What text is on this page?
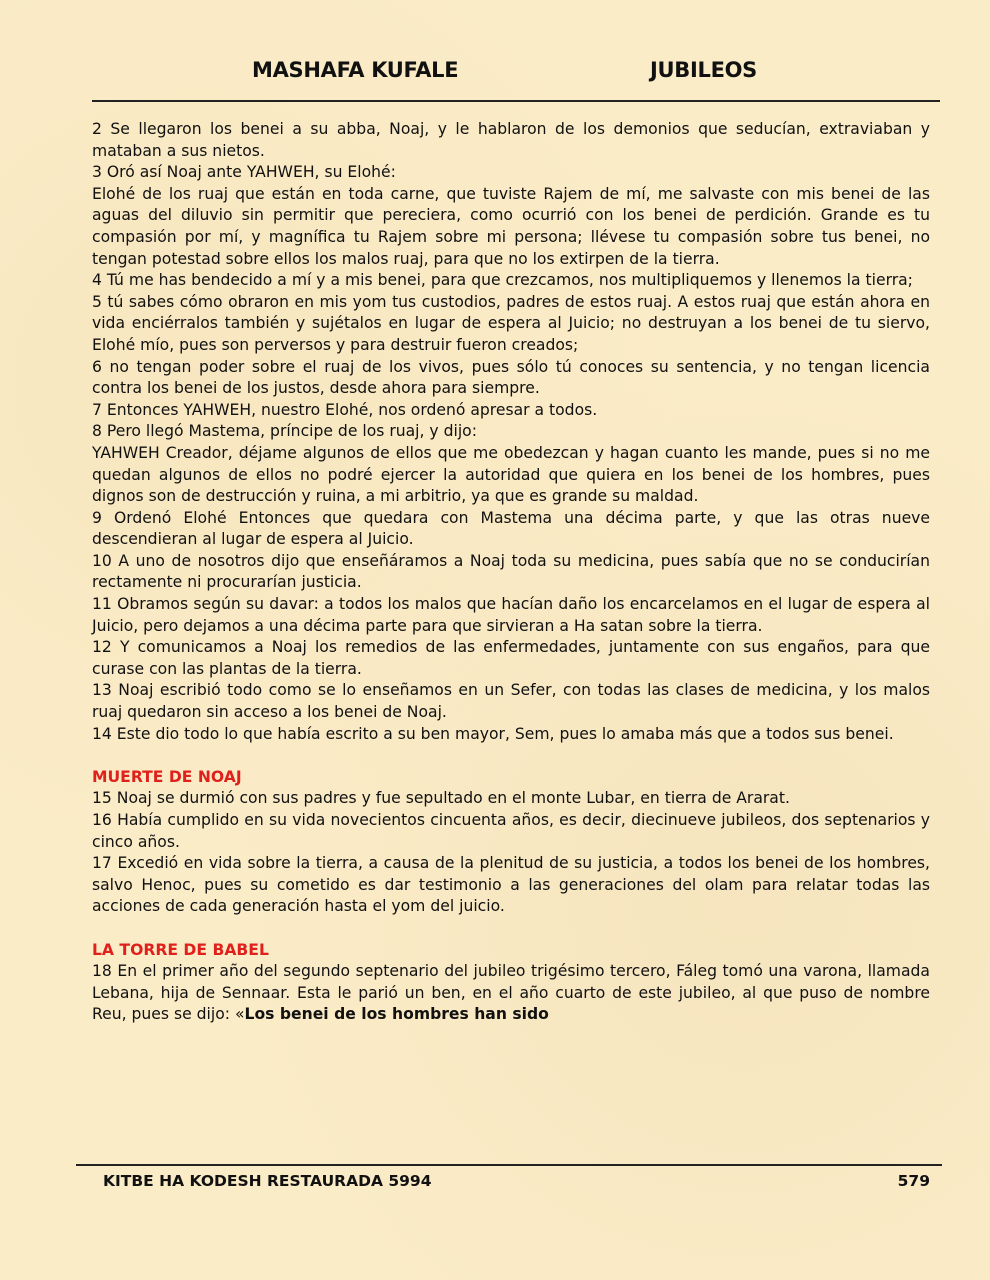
MASHAFA KUFALE	JUBILEOS

2 Se llegaron los benei a su abba, Noaj, y le hablaron de los demonios que seducían, extraviaban y mataban a sus nietos.

3 Oró así Noaj ante YAHWEH, su Elohé:

Elohé de los ruaj que están en toda carne, que tuviste Rajem de mí, me salvaste con mis benei de las aguas del diluvio sin permitir que pereciera, como ocurrió con los benei de perdición. Grande es tu compasión por mí, y magnífica tu Rajem sobre mi persona; llévese tu compasión sobre tus benei, no tengan potestad sobre ellos los malos ruaj, para que no los extirpen de la tierra.

4 Tú me has bendecido a mí y a mis benei, para que crezcamos, nos multipliquemos y llenemos la tierra;

5 tú sabes cómo obraron en mis yom tus custodios, padres de estos ruaj. A estos ruaj que están ahora en vida enciérralos también y sujétalos en lugar de espera al Juicio; no destruyan a los benei de tu siervo, Elohé mío, pues son perversos y para destruir fueron creados;

6 no tengan poder sobre el ruaj de los vivos, pues sólo tú conoces su sentencia, y no tengan licencia contra los benei de los justos, desde ahora para siempre.

7 Entonces YAHWEH, nuestro Elohé, nos ordenó apresar a todos.

8 Pero llegó Mastema, príncipe de los ruaj, y dijo:

YAHWEH Creador, déjame algunos de ellos que me obedezcan y hagan cuanto les mande, pues si no me quedan algunos de ellos no podré ejercer la autoridad que quiera en los benei de los hombres, pues dignos son de destrucción y ruina, a mi arbitrio, ya que es grande su maldad.

9 Ordenó Elohé Entonces que quedara con Mastema una décima parte, y que las otras nueve descendieran al lugar de espera al Juicio.

10 A uno de nosotros dijo que enseñáramos a Noaj toda su medicina, pues sabía que no se conducirían rectamente ni procurarían justicia.

11 Obramos según su davar: a todos los malos que hacían daño los encarcelamos en el lugar de espera al Juicio, pero dejamos a una décima parte para que sirvieran a Ha satan sobre la tierra.

12 Y comunicamos a Noaj los remedios de las enfermedades, juntamente con sus engaños, para que curase con las plantas de la tierra.

13 Noaj escribió todo como se lo enseñamos en un Sefer, con todas las clases de medicina, y los malos ruaj quedaron sin acceso a los benei de Noaj.

14 Este dio todo lo que había escrito a su ben mayor, Sem, pues lo amaba más que a todos sus benei.

MUERTE DE NOAJ

15 Noaj se durmió con sus padres y fue sepultado en el monte Lubar, en tierra de Ararat.

16 Había cumplido en su vida novecientos cincuenta años, es decir, diecinueve jubileos, dos septenarios y cinco años.

17 Excedió en vida sobre la tierra, a causa de la plenitud de su justicia, a todos los benei de los hombres, salvo Henoc, pues su cometido es dar testimonio a las generaciones del olam para relatar todas las acciones de cada generación hasta el yom del juicio.

LA TORRE DE BABEL

18 En el primer año del segundo septenario del jubileo trigésimo tercero, Fáleg tomó una varona, llamada Lebana, hija de Sennaar. Esta le parió un ben, en el año cuarto de este jubileo, al que puso de nombre Reu, pues se dijo: «Los benei de los hombres han sido

KITBE HA KODESH RESTAURADA 5994	579
